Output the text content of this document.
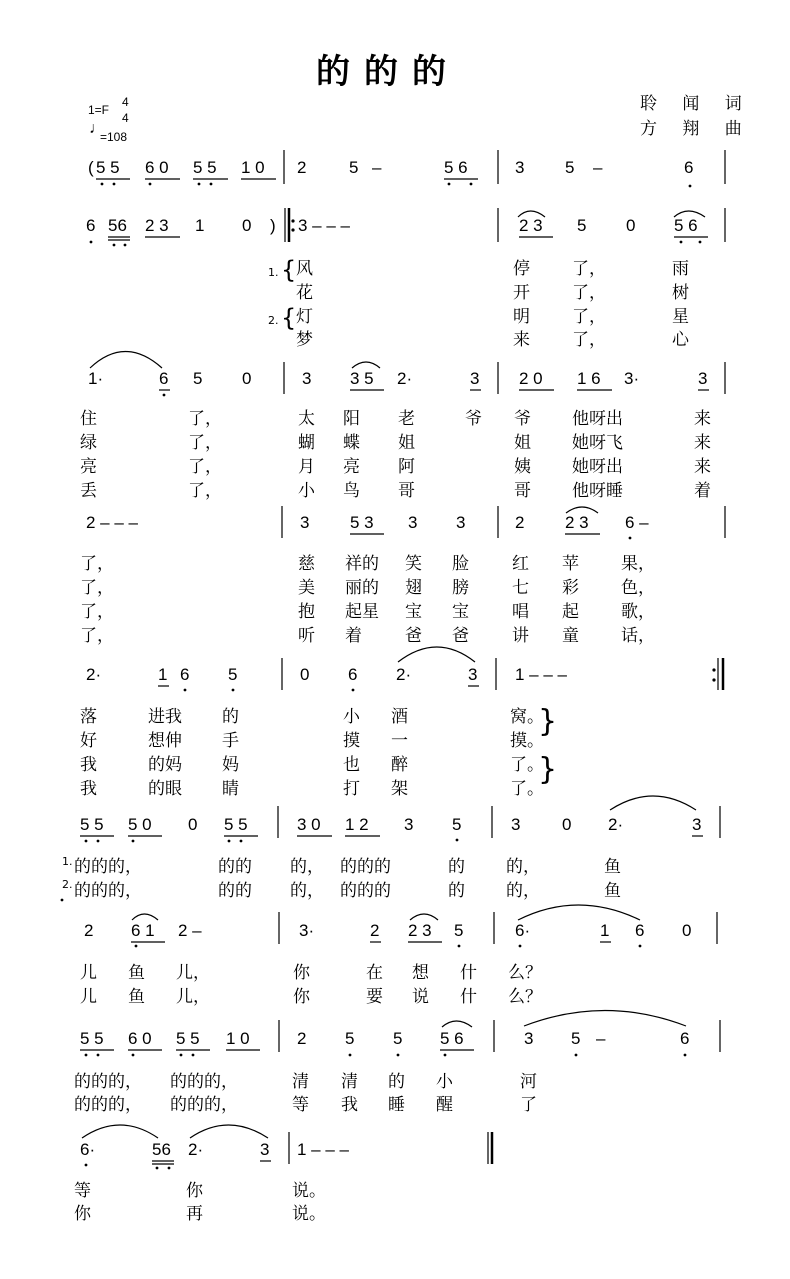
的的的
聆 闻 词
方 翔 曲
1=F
4
4
♩
=108
( 5 5 6 0 5 5 1 0 2	5 –	5 6	3 5 –	6
6 56 2 3 1 0 ) 3 – – –	2 3 5 0 5 6
1.
2.
{
{
风	停 了，	雨
花	开 了，	树
灯	明 了，	星
梦	来 了，	心
1·	6 5 0	3 3 5 2·	3 2 0 1 6 3·	3
住	了，	太 阳 老	爷 爷 他呀出	来
绿	了，	蝴 蝶 姐	姐 她呀飞	来
亮	了，	月 亮 阿	姨 她呀出	来
丢	了，	小 鸟 哥	哥 他呀睡	着
2 – – –	3 5 3 3 3	2 2 3 6 –
了，	慈 祥的 笑 脸	红 苹 果，
了，	美 丽的 翅 膀	七 彩 色，
了，	抱 起星 宝 宝	唱 起 歌，
了，	听 着	爸 爸	讲 童 话，
2·	1 6 5	0 6 2·	3 1 – – –
落	进我 的	小 酒	窝。
好	想伸 手	摸 一	摸。
我	的妈 妈	也 醉	了。
我	的眼 睛	打 架	了。
}
}
5 5 5 0 0 5 5	3 0 1 2 3 5	3 0 2·	3
1.
2.
的的的，	的的 的， 的的的	的 的，	鱼
的的的，	的的 的， 的的的	的 的，	鱼
2 6 1 2 –	3·	2 2 3 5	6·	1 6 0
儿 鱼 儿，	你	在 想 什 么？
儿 鱼 儿，	你	要 说 什 么？
5 5 6 0 5 5 1 0	2 5 5 5 6	3 5 –	6
的的的， 的的的，	清 清 的 小	河
的的的， 的的的，	等 我 睡 醒	了
6·	56 2·	3 1 – – –
等	你	说。
你	再	说。
